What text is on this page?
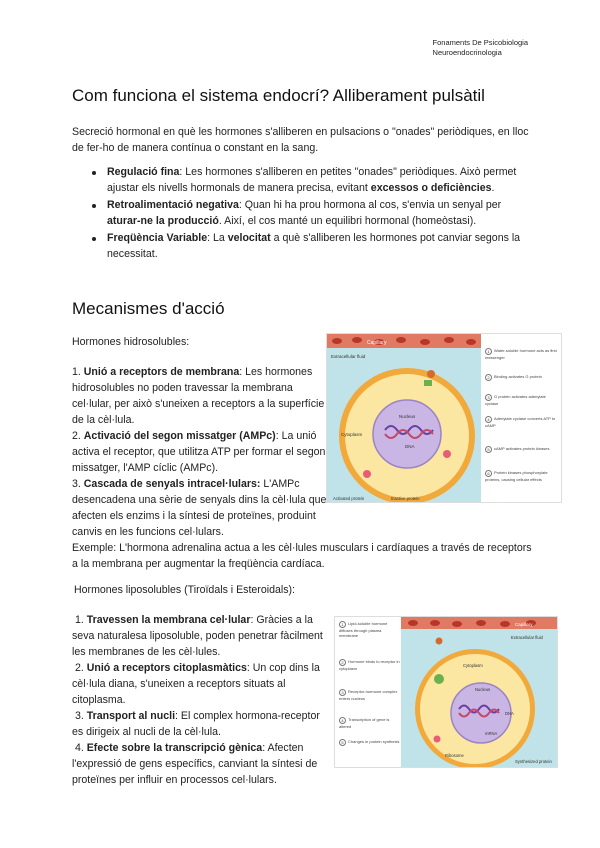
Fonaments De Psicobiologia
Neuroendocrinologia
Com funciona el sistema endocrí? Alliberament pulsàtil

Secreció hormonal en què les hormones s'alliberen en pulsacions o "onades" periòdiques, en lloc de fer-ho de manera contínua o constant en la sang.

Regulació fina: Les hormones s'alliberen en petites "onades" periòdiques. Això permet ajustar els nivells hormonals de manera precisa, evitant excessos o deficiències.
Retroalimentació negativa: Quan hi ha prou hormona al cos, s'envia un senyal per aturar-ne la producció. Així, el cos manté un equilibri hormonal (homeòstasi).
Freqüència Variable: La velocitat a què s'alliberen les hormones pot canviar segons la necessitat.
Mecanismes d'acció

Hormones hidrosolubles:

1. Unió a receptors de membrana: Les hormones hidrosolubles no poden travessar la membrana cel·lular, per això s'uneixen a receptors a la superfície de la cèl·lula.
2. Activació del segon missatger (AMPc): La unió activa el receptor, que utilitza ATP per formar el segon missatger, l'AMP cíclic (AMPc).
3. Cascada de senyals intracel·lulars: L'AMPc desencadena una sèrie de senyals dins la cèl·lula que afecten els enzims i la síntesi de proteïnes, produint canvis en les funcions cel·lulars.
Capillary
Extracellular fluid
Nucleus
DNA
Cytoplasm
Activated protein	Inactive protein
1 Water-soluble hormone acts as first messenger
2 Binding activates G protein
3 G protein activates adenylate cyclase
4 Adenylate cyclase converts ATP to cAMP
5 cAMP activates protein kinases
6 Protein kinases phosphorylate proteins, causing cellular effects

Exemple: L'hormona adrenalina actua a les cèl·lules musculars i cardíaques a través de receptors a la membrana per augmentar la freqüència cardíaca.

Hormones liposolubles (Tiroïdals i Esteroidals):

1. Travessen la membrana cel·lular: Gràcies a la seva naturalesa liposoluble, poden penetrar fàcilment les membranes de les cèl·lules.
2. Unió a receptors citoplasmàtics: Un cop dins la cèl·lula diana, s'uneixen a receptors situats al citoplasma.
3. Transport al nucli: El complex hormona-receptor es dirigeix al nucli de la cèl·lula.
4. Efecte sobre la transcripció gènica: Afecten l'expressió de gens específics, canviant la síntesi de proteïnes per influir en processos cel·lulars.
Capillary
Extracellular fluid
Nucleus
DNA
mRNA
Cytoplasm
Ribosome
Synthesized protein
1 Lipid-soluble hormone diffuses through plasma membrane
2 Hormone binds to receptor in cytoplasm
3 Receptor-hormone complex enters nucleus
4 Transcription of gene is altered
5 Changes in protein synthesis
